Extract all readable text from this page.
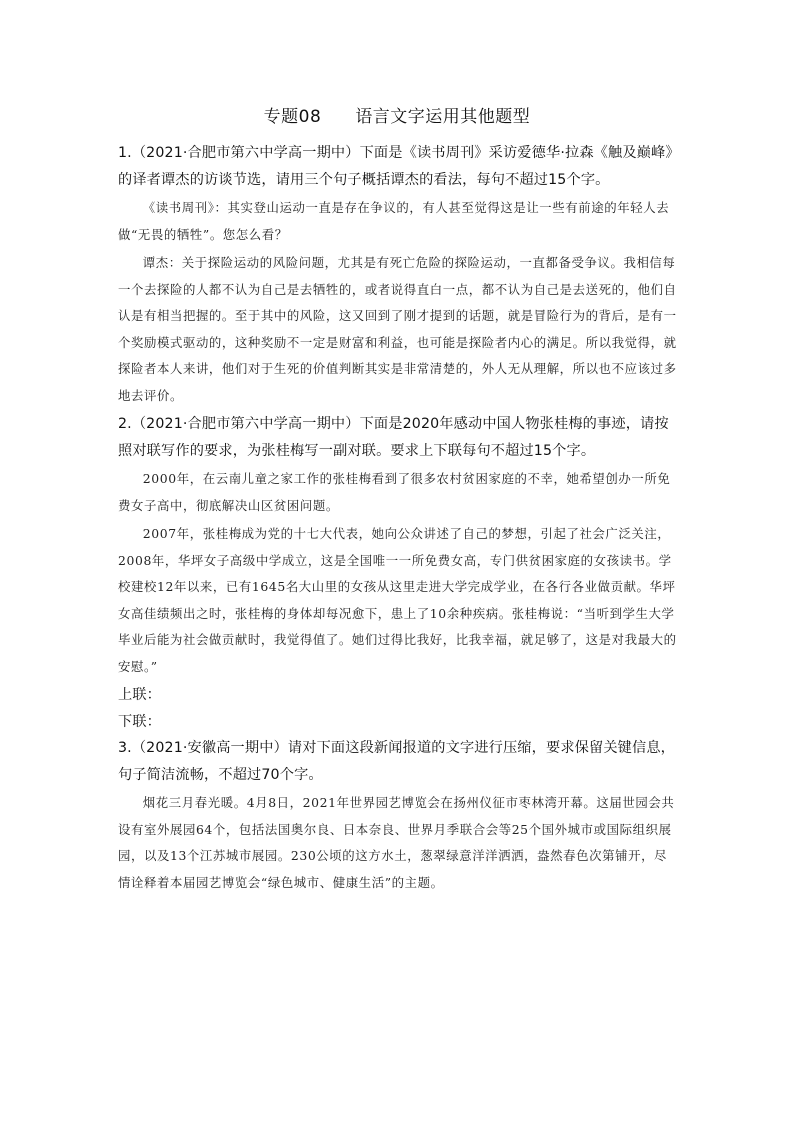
专题08 语言文字运用其他题型

1.（2021·合肥市第六中学高一期中）下面是《读书周刊》采访爱德华·拉森《触及巅峰》的译者谭杰的访谈节选，请用三个句子概括谭杰的看法，每句不超过15个字。

《读书周刊》：其实登山运动一直是存在争议的，有人甚至觉得这是让一些有前途的年轻人去做“无畏的牺牲”。您怎么看？

谭杰：关于探险运动的风险问题，尤其是有死亡危险的探险运动，一直都备受争议。我相信每一个去探险的人都不认为自己是去牺牲的，或者说得直白一点，都不认为自己是去送死的，他们自认是有相当把握的。至于其中的风险，这又回到了刚才提到的话题，就是冒险行为的背后，是有一个奖励模式驱动的，这种奖励不一定是财富和利益，也可能是探险者内心的满足。所以我觉得，就探险者本人来讲，他们对于生死的价值判断其实是非常清楚的，外人无从理解，所以也不应该过多地去评价。

2.（2021·合肥市第六中学高一期中）下面是2020年感动中国人物张桂梅的事迹，请按照对联写作的要求，为张桂梅写一副对联。要求上下联每句不超过15个字。

2000年，在云南儿童之家工作的张桂梅看到了很多农村贫困家庭的不幸，她希望创办一所免费女子高中，彻底解决山区贫困问题。

2007年，张桂梅成为党的十七大代表，她向公众讲述了自己的梦想，引起了社会广泛关注，2008年，华坪女子高级中学成立，这是全国唯一一所免费女高，专门供贫困家庭的女孩读书。学校建校12年以来，已有1645名大山里的女孩从这里走进大学完成学业，在各行各业做贡献。华坪女高佳绩频出之时，张桂梅的身体却每况愈下，患上了10余种疾病。张桂梅说：“当听到学生大学毕业后能为社会做贡献时，我觉得值了。她们过得比我好，比我幸福，就足够了，这是对我最大的安慰。”

上联：

下联：

3.（2021·安徽高一期中）请对下面这段新闻报道的文字进行压缩，要求保留关键信息，句子简洁流畅，不超过70个字。

烟花三月春光暖。4月8日，2021年世界园艺博览会在扬州仪征市枣林湾开幕。这届世园会共设有室外展园64个，包括法国奥尔良、日本奈良、世界月季联合会等25个国外城市或国际组织展园，以及13个江苏城市展园。230公顷的这方水土，葱翠绿意洋洋洒洒，盎然春色次第铺开，尽情诠释着本届园艺博览会“绿色城市、健康生活”的主题。
